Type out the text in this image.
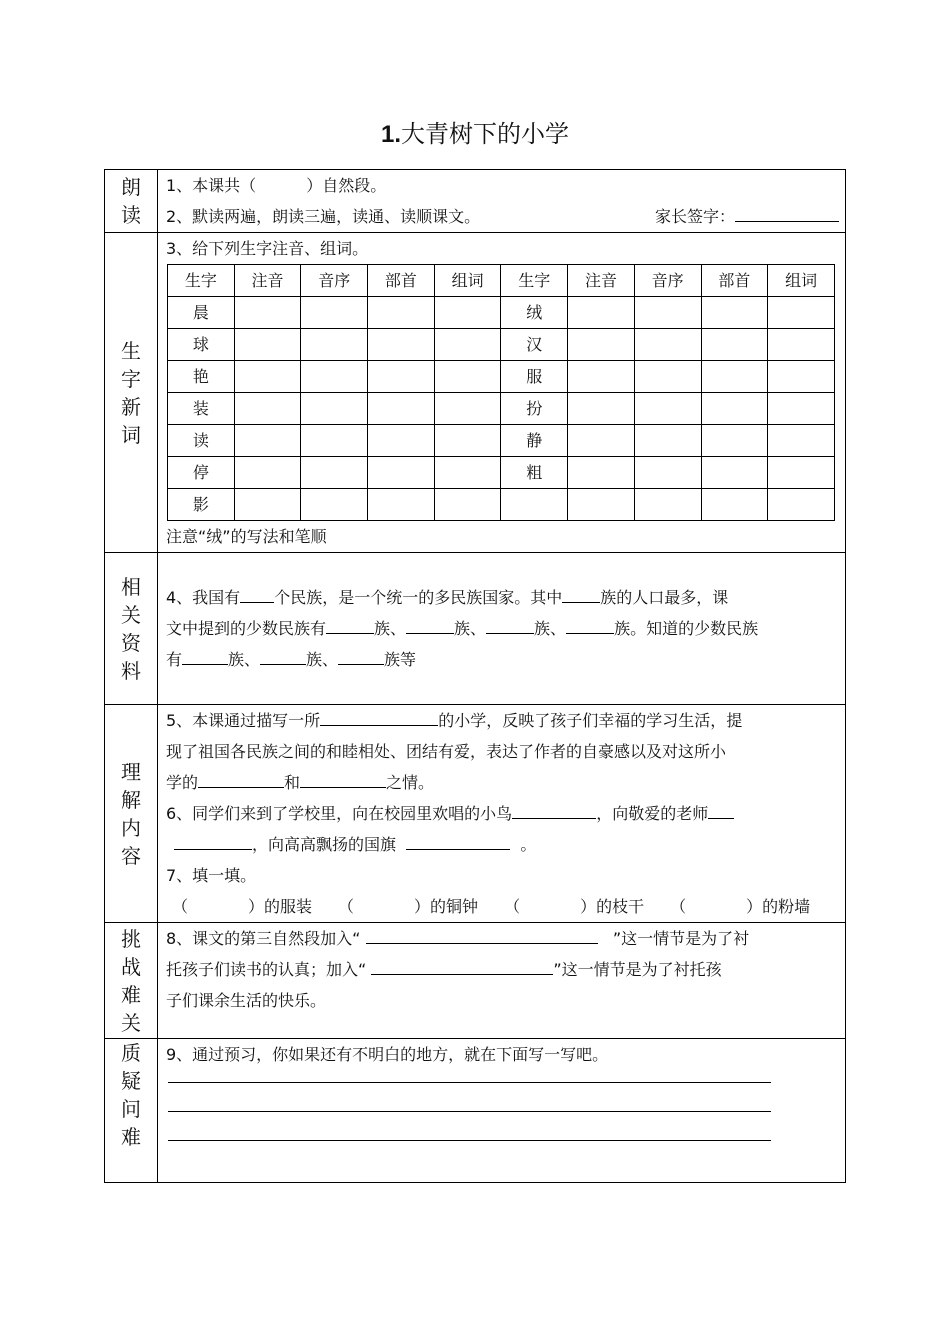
1.大青树下的小学
朗
读

1、本课共（	）自然段。
2、默读两遍，朗读三遍，读通、读顺课文。	家长签字：

生
字
新
词

3、给下列生字注音、组词。
生字	注音	音序	部首	组词	生字	注音	音序	部首	组词
晨					绒				
球					汉				
艳					服				
装					扮				
读					静				
停					粗				
影									
注意“绒”的写法和笔顺

相
关
资
料

4、我国有 个民族，是一个统一的多民族国家。其中 族的人口最多，课
文中提到的少数民族有	族、	族、	族、	族。知道的少数民族
有	族、	族、	族等

理
解
内
容

5、本课通过描写一所	的小学，反映了孩子们幸福的学习生活，提
现了祖国各民族之间的和睦相处、团结有爱，表达了作者的自豪感以及对这所小
学的	和	之情。
6、同学们来到了学校里，向在校园里欢唱的小鸟	，向敬爱的老师
，向高高飘扬的国旗	。
7、填一填。
（	）的服装 （	）的铜钟 （	）的枝干 （	）的粉墙

挑
战
难
关

8、课文的第三自然段加入“	”这一情节是为了衬
托孩子们读书的认真；加入“	”这一情节是为了衬托孩
子们课余生活的快乐。

质
疑
问
难

9、通过预习，你如果还有不明白的地方，就在下面写一写吧。
